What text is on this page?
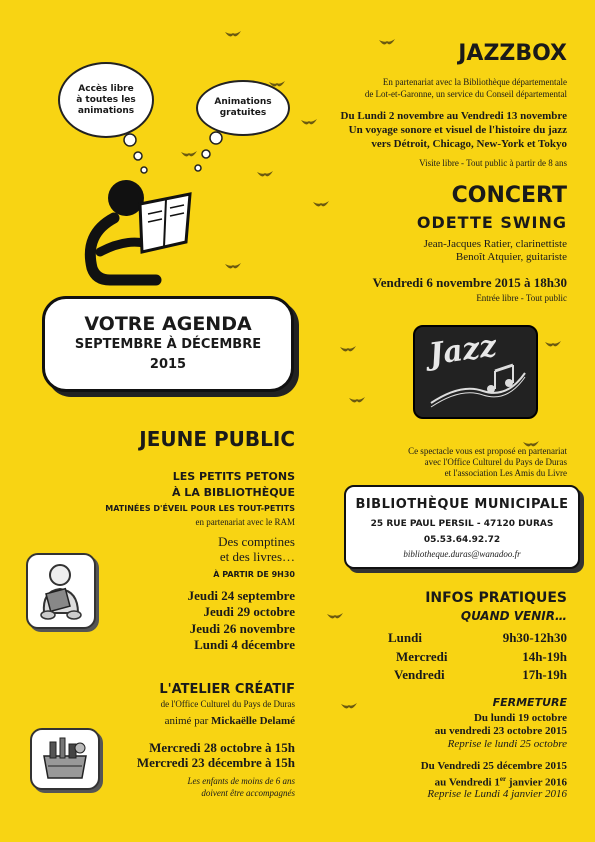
Accès libre à toutes les animations
Animations gratuites
VOTRE AGENDA
SEPTEMBRE À DÉCEMBRE
2015
JAZZBOX
En partenariat avec la Bibliothèque départementale
de Lot-et-Garonne, un service du Conseil départemental
Du Lundi 2 novembre au Vendredi 13 novembre
Un voyage sonore et visuel de l'histoire du jazz
vers Détroit, Chicago, New-York et Tokyo
Visite libre - Tout public à partir de 8 ans
CONCERT
ODETTE SWING
Jean-Jacques Ratier, clarinettiste
Benoît Atquier, guitariste
Vendredi 6 novembre 2015 à 18h30
Entrée libre - Tout public
Jazz
Ce spectacle vous est proposé en partenariat
avec l'Office Culturel du Pays de Duras
et l'association Les Amis du Livre
BIBLIOTHÈQUE MUNICIPALE
25 RUE PAUL PERSIL - 47120 DURAS
05.53.64.92.72
bibliotheque.duras@wanadoo.fr
JEUNE PUBLIC
LES PETITS PETONS
À LA BIBLIOTHÈQUE
MATINÉES D'ÉVEIL POUR LES TOUT-PETITS
en partenariat avec le RAM
Des comptines
et des livres…
À PARTIR DE 9H30
Jeudi 24 septembre
Jeudi 29 octobre
Jeudi 26 novembre
Lundi 4 décembre
L'ATELIER CRÉATIF
de l'Office Culturel du Pays de Duras
animé par Mickaëlle Delamé
Mercredi 28 octobre à 15h
Mercredi 23 décembre à 15h
Les enfants de moins de 6 ans
doivent être accompagnés
INFOS PRATIQUES
QUAND VENIR…
Lundi	9h30-12h30
Mercredi	14h-19h
Vendredi	17h-19h
FERMETURE
Du lundi 19 octobre
au vendredi 23 octobre 2015
Reprise le lundi 25 octobre
Du Vendredi 25 décembre 2015
au Vendredi 1er janvier 2016
Reprise le Lundi 4 janvier 2016
